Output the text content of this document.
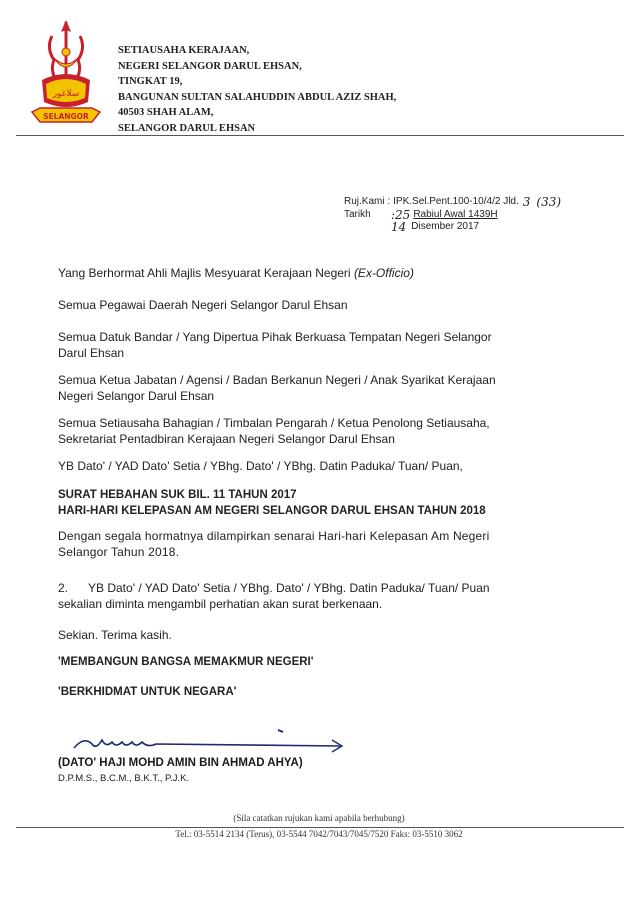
سلاغور
SELANGOR
SETIAUSAHA KERAJAAN,
NEGERI SELANGOR DARUL EHSAN,
TINGKAT 19,
BANGUNAN SULTAN SALAHUDDIN ABDUL AZIZ SHAH,
40503 SHAH ALAM,
SELANGOR DARUL EHSAN
Ruj.Kami : IPK.Sel.Pent.100-10/4/2 Jld. 3 (33)
Tarikh	:25 Rabiul Awal 1439H
14 Disember 2017

Yang Berhormat Ahli Majlis Mesyuarat Kerajaan Negeri (Ex-Officio)

Semua Pegawai Daerah Negeri Selangor Darul Ehsan

Semua Datuk Bandar / Yang Dipertua Pihak Berkuasa Tempatan Negeri Selangor
Darul Ehsan

Semua Ketua Jabatan / Agensi / Badan Berkanun Negeri / Anak Syarikat Kerajaan
Negeri Selangor Darul Ehsan

Semua Setiausaha Bahagian / Timbalan Pengarah / Ketua Penolong Setiausaha,
Sekretariat Pentadbiran Kerajaan Negeri Selangor Darul Ehsan

YB Dato' / YAD Dato' Setia / YBhg. Dato' / YBhg. Datin Paduka/ Tuan/ Puan,

SURAT HEBAHAN SUK BIL. 11 TAHUN 2017
HARI-HARI KELEPASAN AM NEGERI SELANGOR DARUL EHSAN TAHUN 2018

Dengan segala hormatnya dilampirkan senarai Hari-hari Kelepasan Am Negeri
Selangor Tahun 2018.

2. YB Dato' / YAD Dato' Setia / YBhg. Dato' / YBhg. Datin Paduka/ Tuan/ Puan
sekalian diminta mengambil perhatian akan surat berkenaan.

Sekian. Terima kasih.

'MEMBANGUN BANGSA MEMAKMUR NEGERI'

'BERKHIDMAT UNTUK NEGARA'

(DATO' HAJI MOHD AMIN BIN AHMAD AHYA)
D.P.M.S., B.C.M., B.K.T., P.J.K.
(Sila catatkan rujukan kami apabila berhubung)
Tel.: 03-5514 2134 (Terus), 03-5544 7042/7043/7045/7520 Faks: 03-5510 3062
